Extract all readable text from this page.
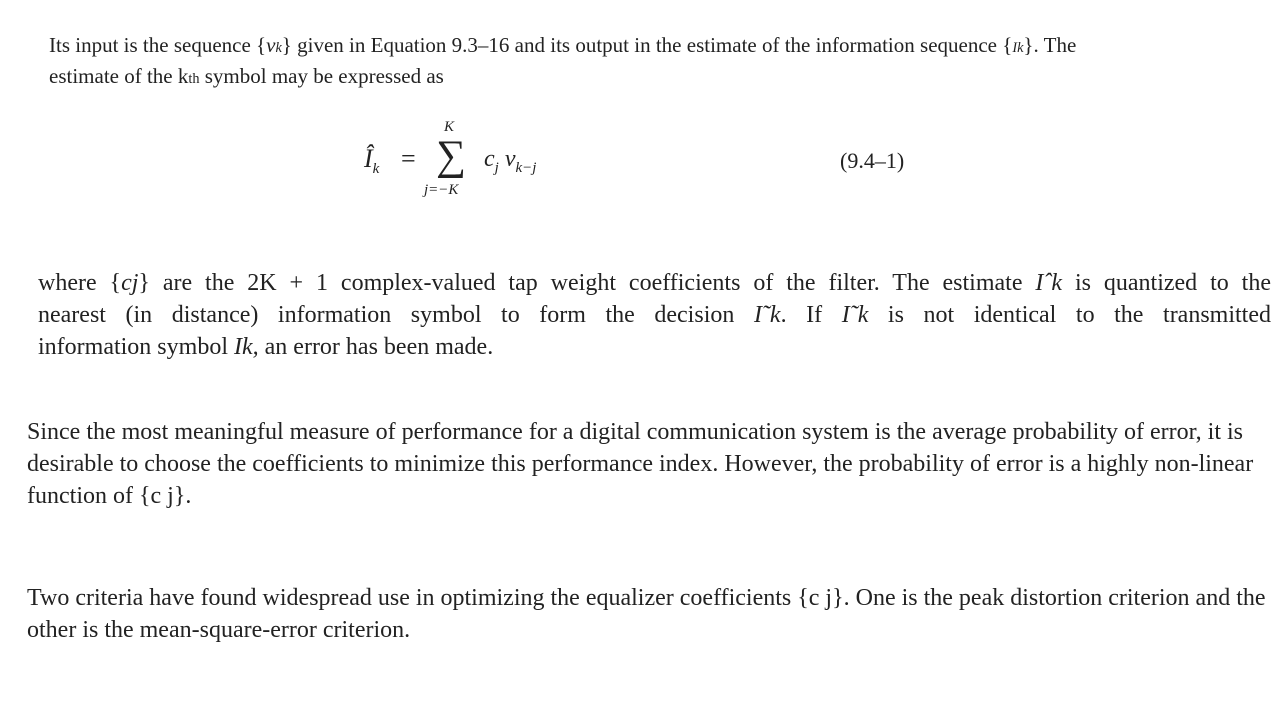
Its input is the sequence {vk} given in Equation 9.3–16 and its output in the estimate of the information sequence {Ik}. The
estimate of the kth symbol may be expressed as

$Î_k$ =
K
∑
j=−K
$c_j$ $v_{k-j}$	(9.4–1)
where {cj} are the 2K + 1 complex-valued tap weight coefficients of the filter. The estimate Iˆk is quantized to the
nearest (in distance) information symbol to form the decision I˜k. If I˜k is not identical to the transmitted
information symbol Ik, an error has been made.

Since the most meaningful measure of performance for a digital communication system is the average probability of error, it is desirable to choose the coefficients to minimize this performance index. However, the probability of error is a highly non-linear function of {c j}.

Two criteria have found widespread use in optimizing the equalizer coefficients {c j}. One is the peak distortion criterion and the other is the mean-square-error criterion.
